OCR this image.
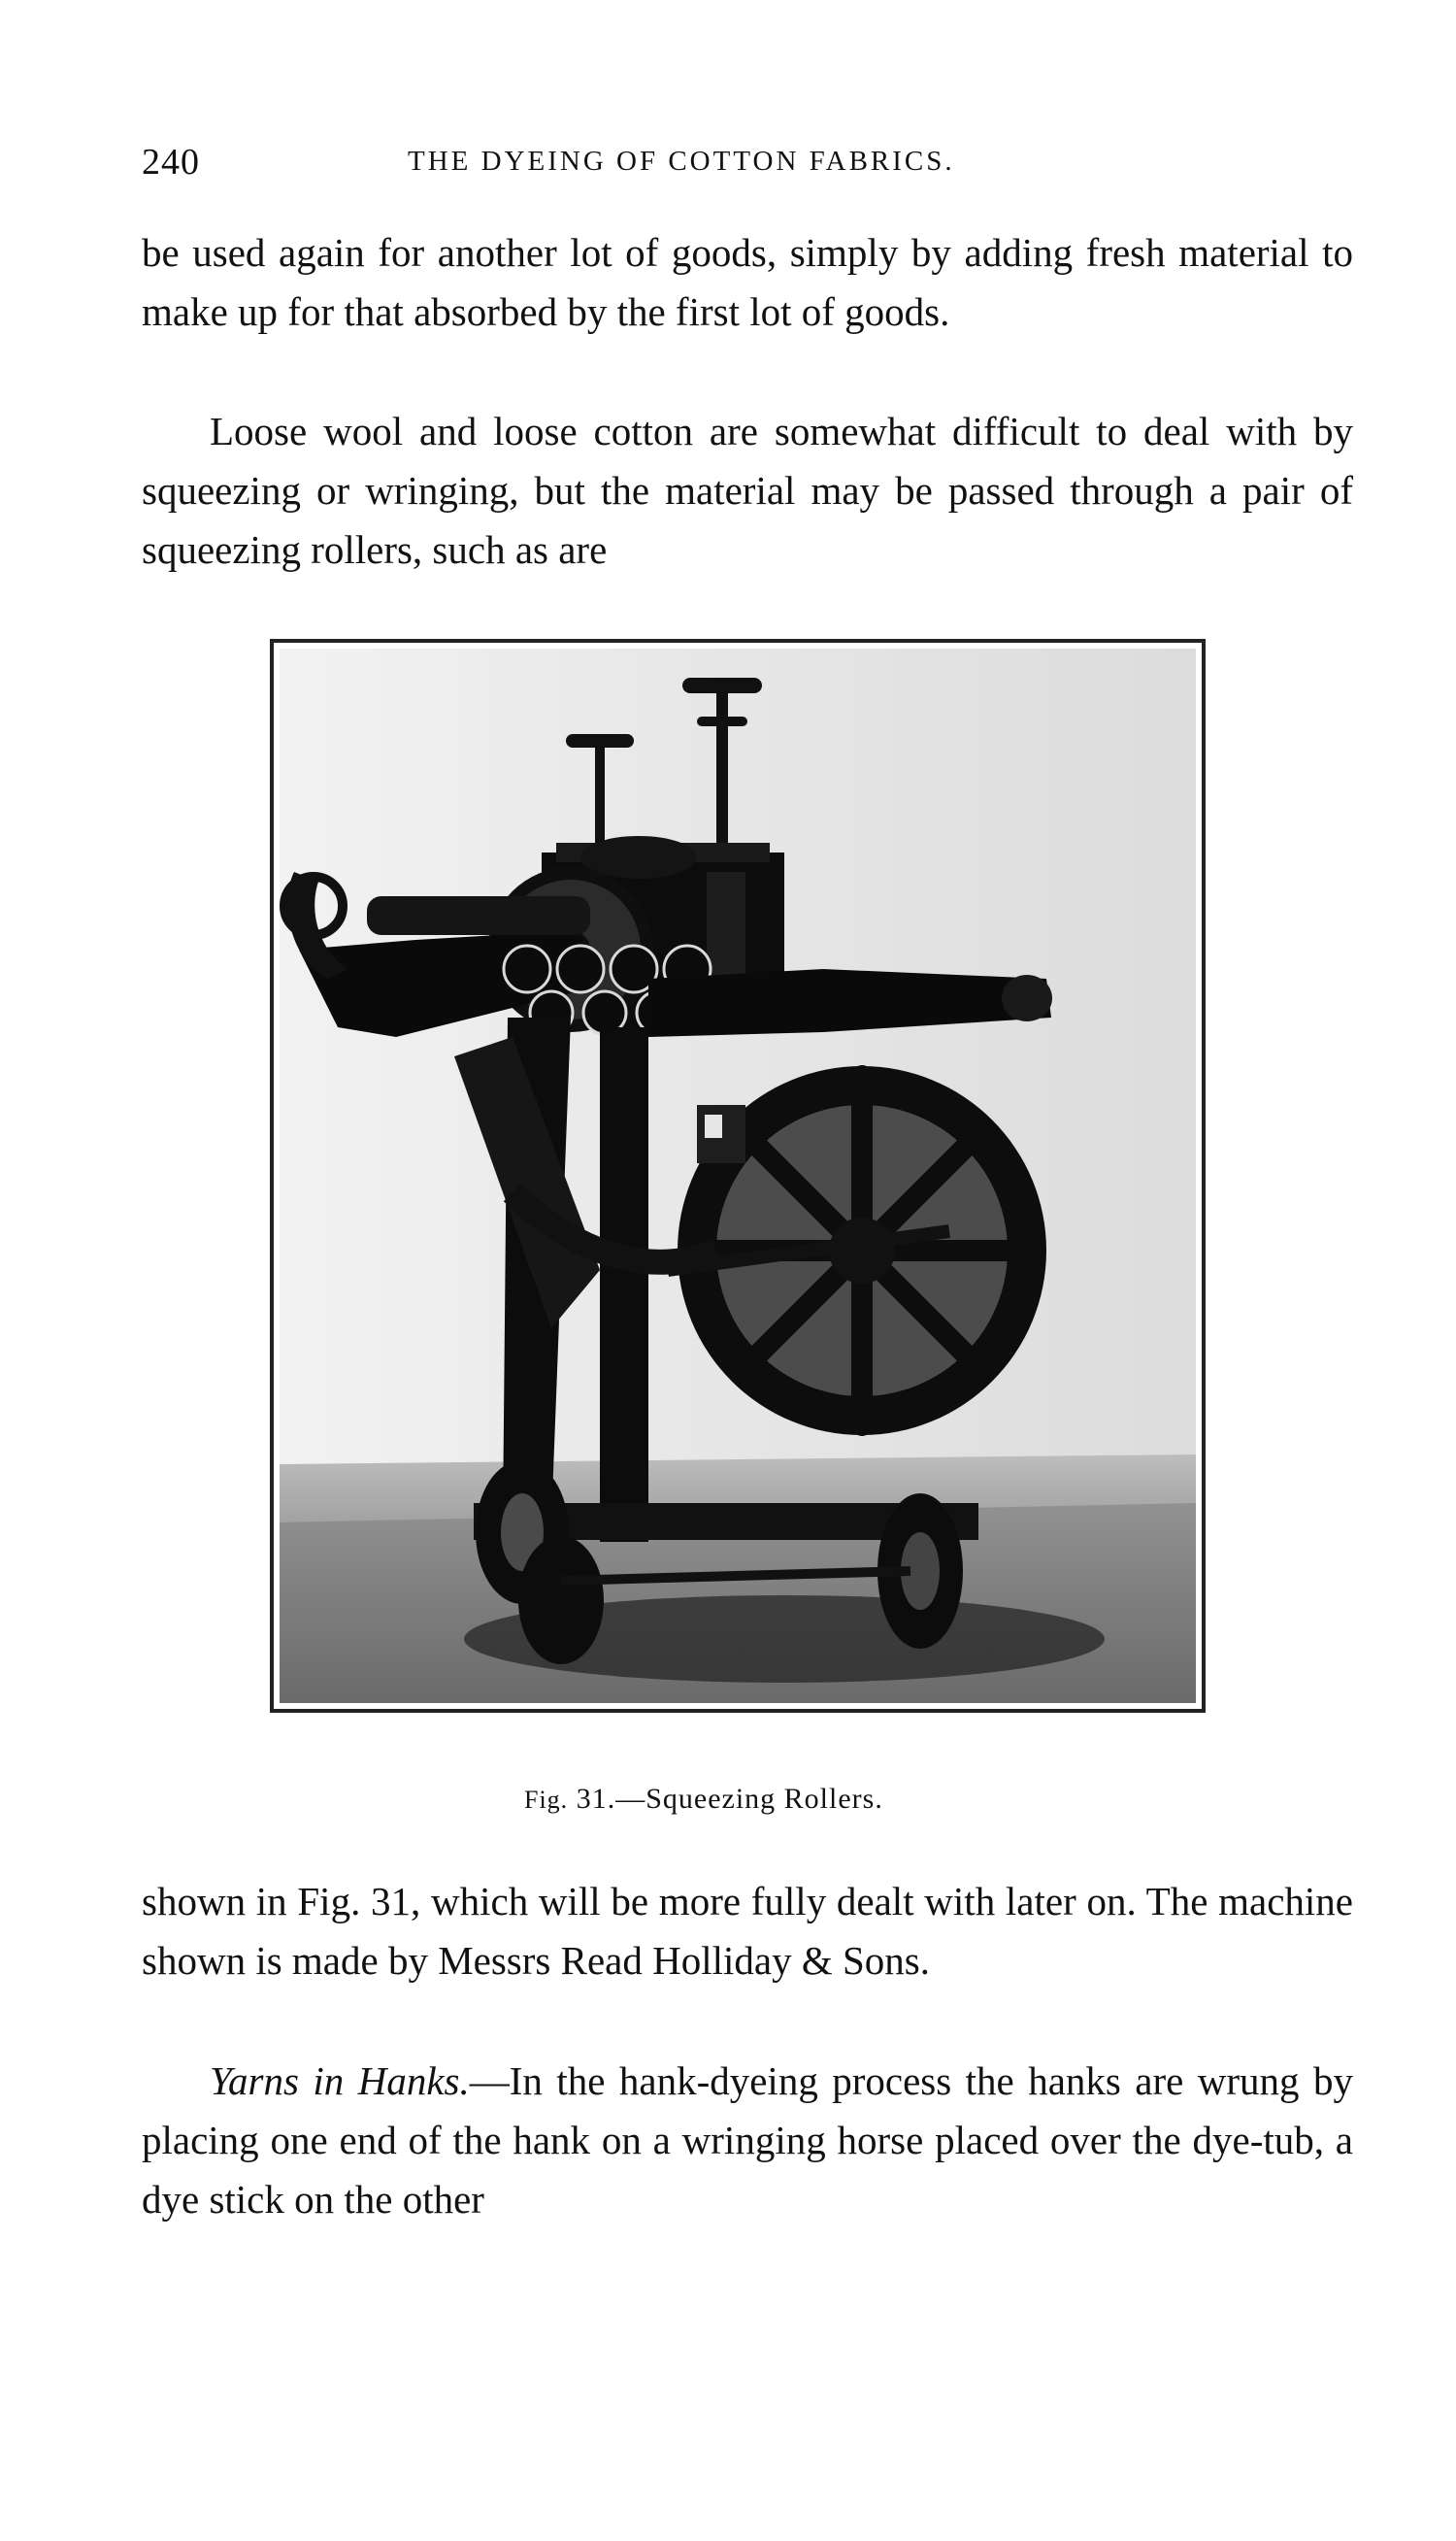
240	THE DYEING OF COTTON FABRICS.

be used again for another lot of goods, simply by adding fresh material to make up for that absorbed by the first lot of goods.

Loose wool and loose cotton are somewhat difficult to deal with by squeezing or wringing, but the material may be passed through a pair of squeezing rollers, such as are

Fig. 31.—Squeezing Rollers.

shown in Fig. 31, which will be more fully dealt with later on. The machine shown is made by Messrs Read Holliday & Sons.

Yarns in Hanks.—In the hank-dyeing process the hanks are wrung by placing one end of the hank on a wringing horse placed over the dye-tub, a dye stick on the other
